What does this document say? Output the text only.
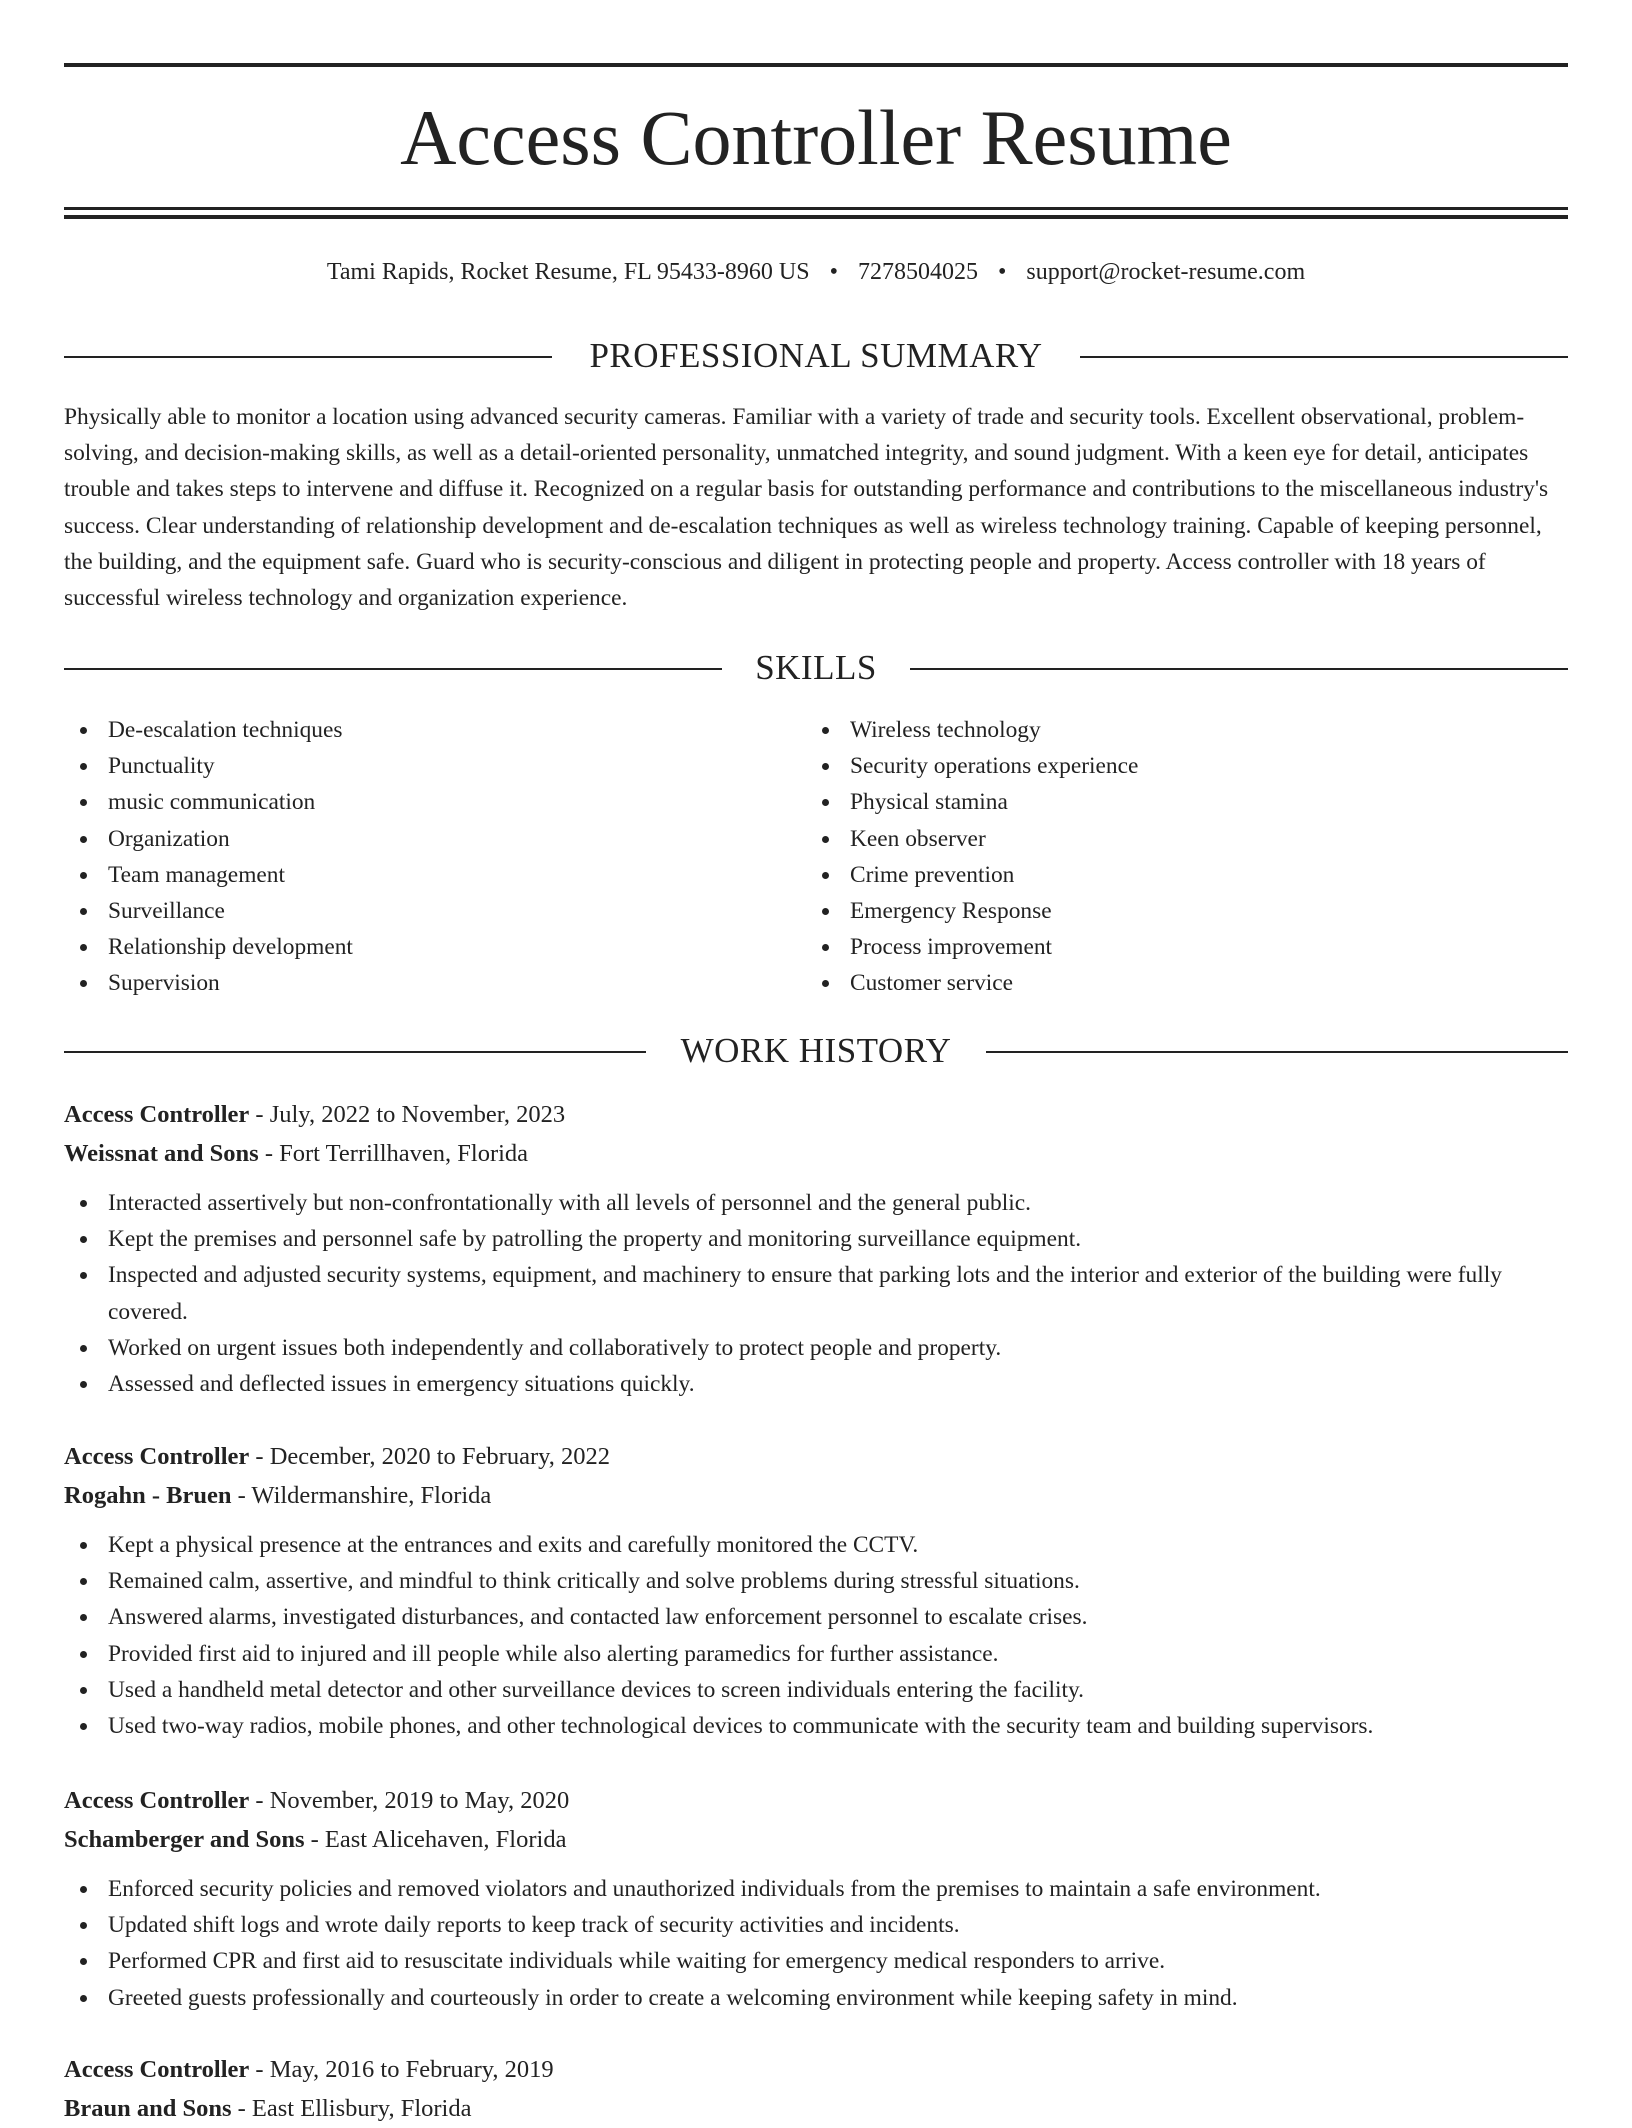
Access Controller Resume
Tami Rapids, Rocket Resume, FL 95433-8960 US • 7278504025 • support@rocket-resume.com
PROFESSIONAL SUMMARY

Physically able to monitor a location using advanced security cameras. Familiar with a variety of trade and security tools. Excellent observational, problem-solving, and decision-making skills, as well as a detail-oriented personality, unmatched integrity, and sound judgment. With a keen eye for detail, anticipates trouble and takes steps to intervene and diffuse it. Recognized on a regular basis for outstanding performance and contributions to the miscellaneous industry's success. Clear understanding of relationship development and de-escalation techniques as well as wireless technology training. Capable of keeping personnel, the building, and the equipment safe. Guard who is security-conscious and diligent in protecting people and property. Access controller with 18 years of successful wireless technology and organization experience.

SKILLS
De-escalation techniques
Punctuality
music communication
Organization
Team management
Surveillance
Relationship development
Supervision
Wireless technology
Security operations experience
Physical stamina
Keen observer
Crime prevention
Emergency Response
Process improvement
Customer service
WORK HISTORY
Access Controller - July, 2022 to November, 2023
Weissnat and Sons - Fort Terrillhaven, Florida
Interacted assertively but non-confrontationally with all levels of personnel and the general public.
Kept the premises and personnel safe by patrolling the property and monitoring surveillance equipment.
Inspected and adjusted security systems, equipment, and machinery to ensure that parking lots and the interior and exterior of the building were fully covered.
Worked on urgent issues both independently and collaboratively to protect people and property.
Assessed and deflected issues in emergency situations quickly.
Access Controller - December, 2020 to February, 2022
Rogahn - Bruen - Wildermanshire, Florida
Kept a physical presence at the entrances and exits and carefully monitored the CCTV.
Remained calm, assertive, and mindful to think critically and solve problems during stressful situations.
Answered alarms, investigated disturbances, and contacted law enforcement personnel to escalate crises.
Provided first aid to injured and ill people while also alerting paramedics for further assistance.
Used a handheld metal detector and other surveillance devices to screen individuals entering the facility.
Used two-way radios, mobile phones, and other technological devices to communicate with the security team and building supervisors.
Access Controller - November, 2019 to May, 2020
Schamberger and Sons - East Alicehaven, Florida
Enforced security policies and removed violators and unauthorized individuals from the premises to maintain a safe environment.
Updated shift logs and wrote daily reports to keep track of security activities and incidents.
Performed CPR and first aid to resuscitate individuals while waiting for emergency medical responders to arrive.
Greeted guests professionally and courteously in order to create a welcoming environment while keeping safety in mind.
Access Controller - May, 2016 to February, 2019
Braun and Sons - East Ellisbury, Florida
